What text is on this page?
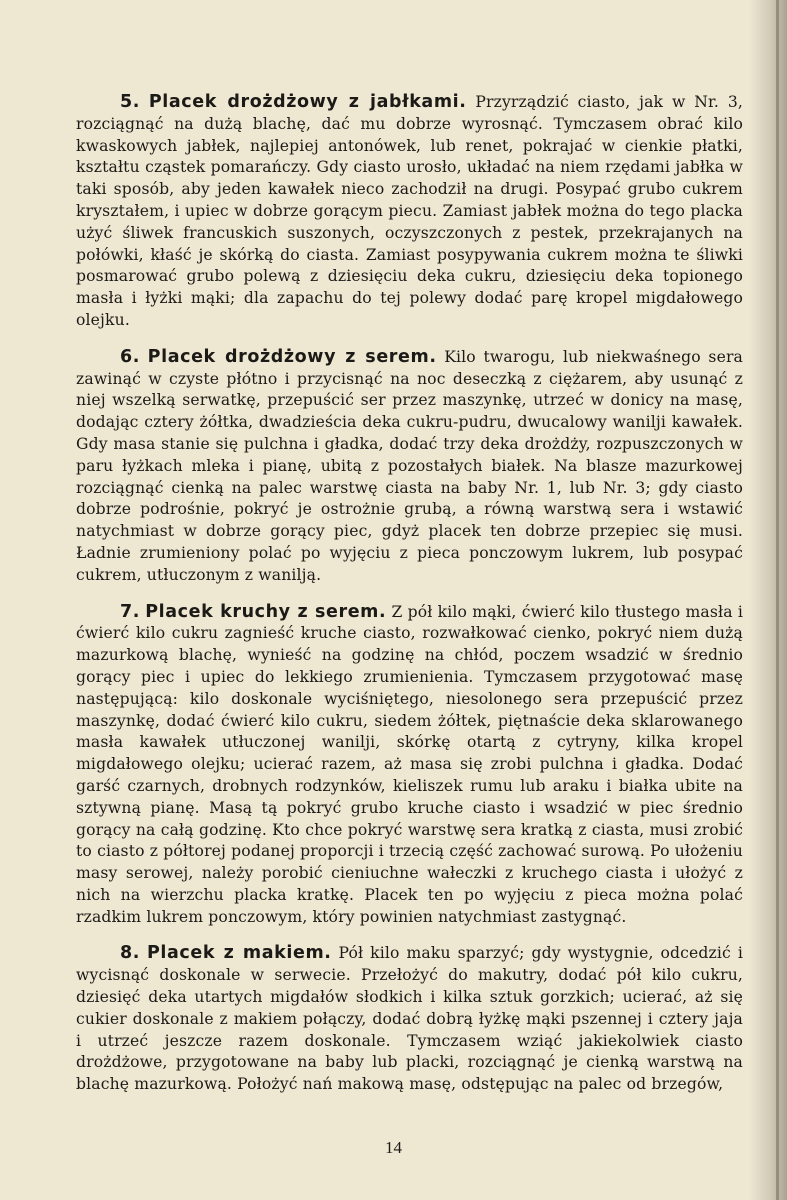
5. Placek drożdżowy z jabłkami. Przyrządzić ciasto, jak w Nr. 3, rozciągnąć na dużą blachę, dać mu dobrze wyrosnąć. Tymczasem obrać kilo kwaskowych jabłek, najlepiej antonówek, lub renet, pokrajać w cienkie płatki, kształtu cząstek pomarańczy. Gdy ciasto urosło, układać na niem rzędami jabłka w taki sposób, aby jeden kawałek nieco zachodził na drugi. Posypać grubo cukrem kryształem, i upiec w dobrze gorącym piecu. Zamiast jabłek można do tego placka użyć śliwek francuskich suszonych, oczyszczonych z pestek, przekrajanych na połówki, kłaść je skórką do ciasta. Zamiast posypywania cukrem można te śliwki posmarować grubo polewą z dziesięciu deka cukru, dziesięciu deka topionego masła i łyżki mąki; dla zapachu do tej polewy dodać parę kropel migdałowego olejku.

6. Placek drożdżowy z serem. Kilo twarogu, lub niekwaśnego sera zawinąć w czyste płótno i przycisnąć na noc deseczką z ciężarem, aby usunąć z niej wszelką serwatkę, przepuścić ser przez maszynkę, utrzeć w donicy na masę, dodając cztery żółtka, dwadzieścia deka cukru-pudru, dwucalowy wanilji kawałek. Gdy masa stanie się pulchna i gładka, dodać trzy deka drożdży, rozpuszczonych w paru łyżkach mleka i pianę, ubitą z pozostałych białek. Na blasze mazurkowej rozciągnąć cienką na palec warstwę ciasta na baby Nr. 1, lub Nr. 3; gdy ciasto dobrze podrośnie, pokryć je ostrożnie grubą, a równą warstwą sera i wstawić natychmiast w dobrze gorący piec, gdyż placek ten dobrze przepiec się musi. Ładnie zrumieniony polać po wyjęciu z pieca ponczowym lukrem, lub posypać cukrem, utłuczonym z wanilją.

7. Placek kruchy z serem. Z pół kilo mąki, ćwierć kilo tłustego masła i ćwierć kilo cukru zagnieść kruche ciasto, rozwałkować cienko, pokryć niem dużą mazurkową blachę, wynieść na godzinę na chłód, poczem wsadzić w średnio gorący piec i upiec do lekkiego zrumienienia. Tymczasem przygotować masę następującą: kilo doskonale wyciśniętego, niesolonego sera przepuścić przez maszynkę, dodać ćwierć kilo cukru, siedem żółtek, piętnaście deka sklarowanego masła kawałek utłuczonej wanilji, skórkę otartą z cytryny, kilka kropel migdałowego olejku; ucierać razem, aż masa się zrobi pulchna i gładka. Dodać garść czarnych, drobnych rodzynków, kieliszek rumu lub araku i białka ubite na sztywną pianę. Masą tą pokryć grubo kruche ciasto i wsadzić w piec średnio gorący na całą godzinę. Kto chce pokryć warstwę sera kratką z ciasta, musi zrobić to ciasto z półtorej podanej proporcji i trzecią część zachować surową. Po ułożeniu masy serowej, należy porobić cieniuchne wałeczki z kruchego ciasta i ułożyć z nich na wierzchu placka kratkę. Placek ten po wyjęciu z pieca można polać rzadkim lukrem ponczowym, który powinien natychmiast zastygnąć.

8. Placek z makiem. Pół kilo maku sparzyć; gdy wystygnie, odcedzić i wycisnąć doskonale w serwecie. Przełożyć do makutry, dodać pół kilo cukru, dziesięć deka utartych migdałów słodkich i kilka sztuk gorzkich; ucierać, aż się cukier doskonale z makiem połączy, dodać dobrą łyżkę mąki pszennej i cztery jaja i utrzeć jeszcze razem doskonale. Tymczasem wziąć jakiekolwiek ciasto drożdżowe, przygotowane na baby lub placki, rozciągnąć je cienką warstwą na blachę mazurkową. Położyć nań makową masę, odstępując na palec od brzegów,

14
